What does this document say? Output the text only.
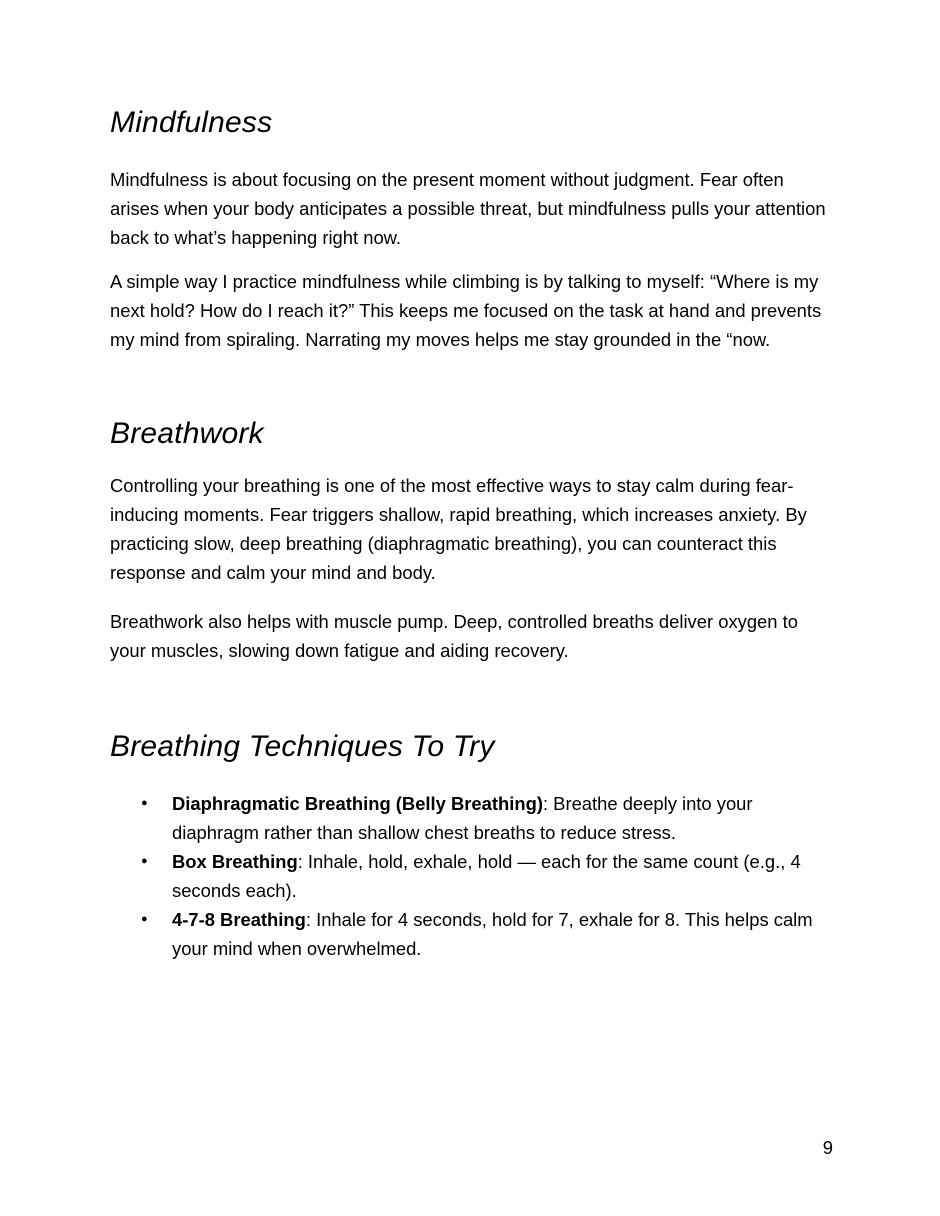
Mindfulness

Mindfulness is about focusing on the present moment without judgment. Fear often arises when your body anticipates a possible threat, but mindfulness pulls your attention back to what’s happening right now.

A simple way I practice mindfulness while climbing is by talking to myself: “Where is my next hold? How do I reach it?” This keeps me focused on the task at hand and prevents my mind from spiraling. Narrating my moves helps me stay grounded in the “now.

Breathwork

Controlling your breathing is one of the most effective ways to stay calm during fear-inducing moments. Fear triggers shallow, rapid breathing, which increases anxiety. By practicing slow, deep breathing (diaphragmatic breathing), you can counteract this response and calm your mind and body.

Breathwork also helps with muscle pump. Deep, controlled breaths deliver oxygen to your muscles, slowing down fatigue and aiding recovery.

Breathing Techniques To Try
● Diaphragmatic Breathing (Belly Breathing): Breathe deeply into your diaphragm rather than shallow chest breaths to reduce stress.
● Box Breathing: Inhale, hold, exhale, hold — each for the same count (e.g., 4 seconds each).
● 4-7-8 Breathing: Inhale for 4 seconds, hold for 7, exhale for 8. This helps calm your mind when overwhelmed.
9
